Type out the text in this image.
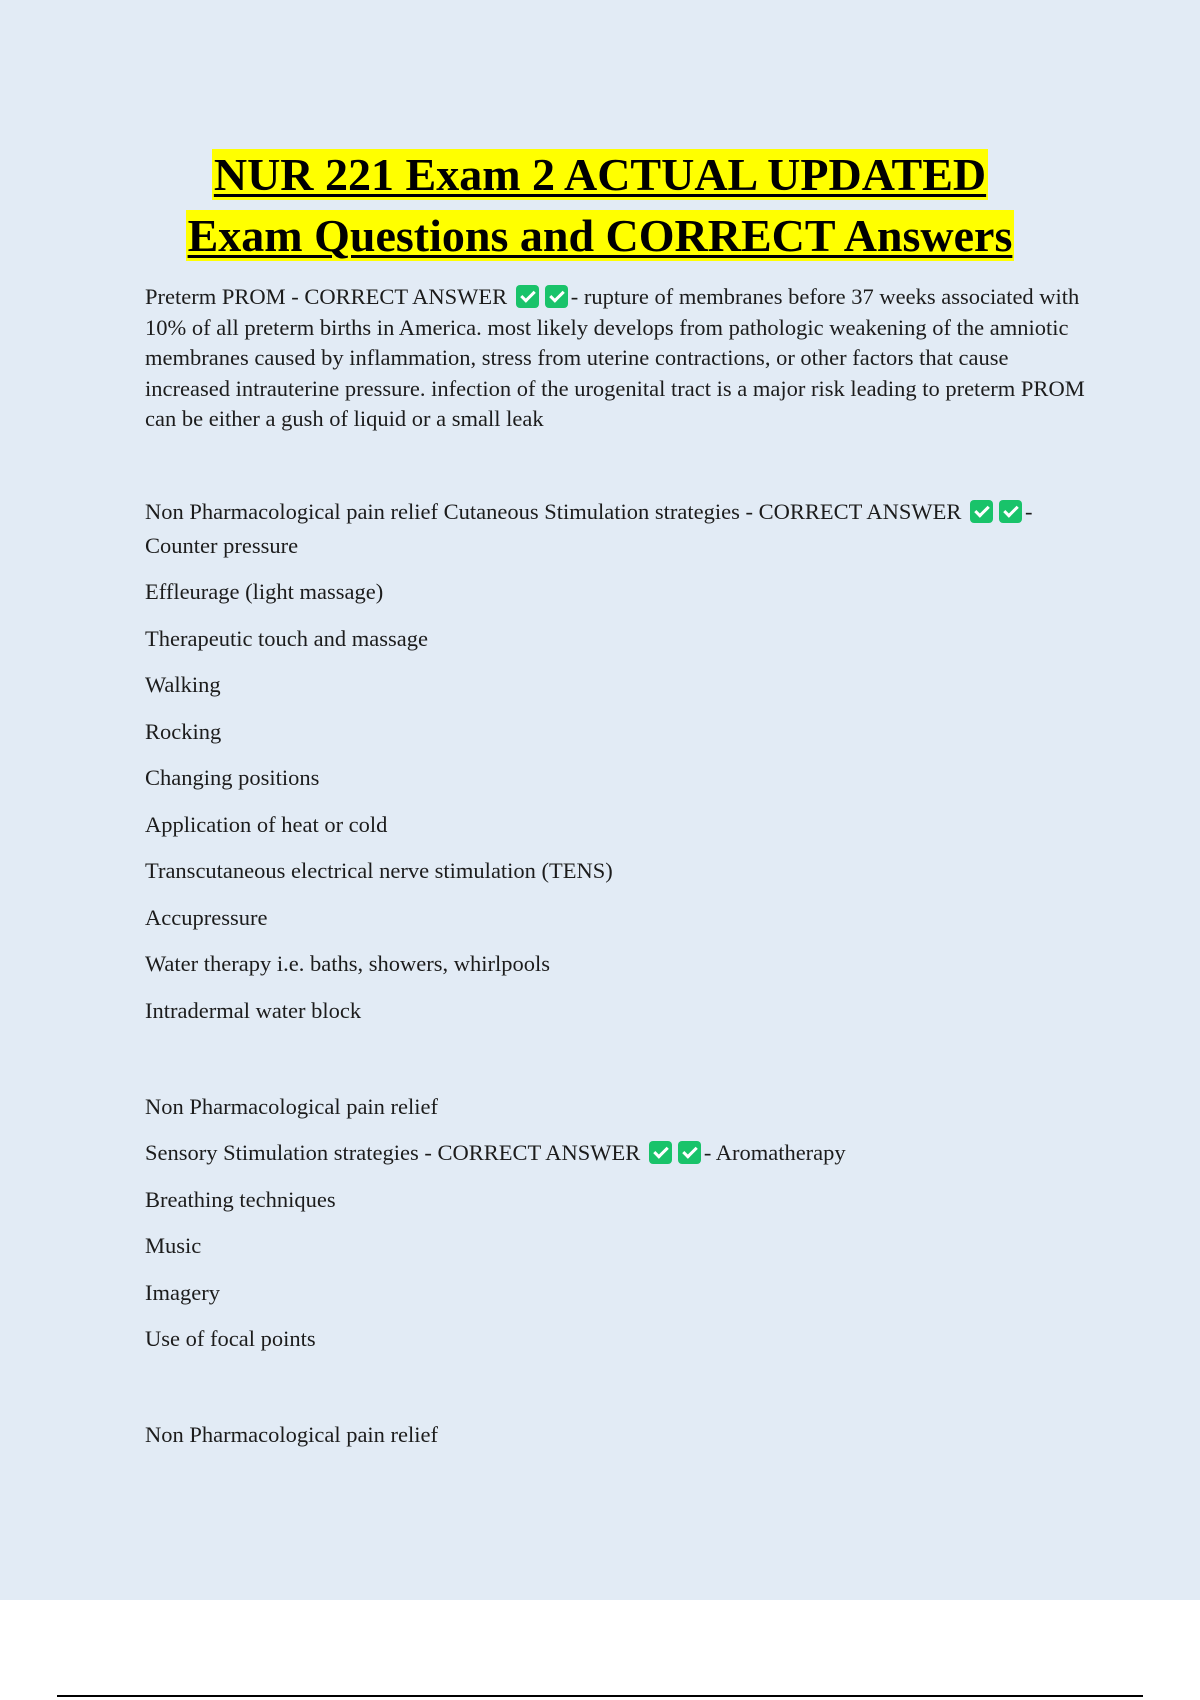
NUR 221 Exam 2 ACTUAL UPDATED
Exam Questions and CORRECT Answers

Preterm PROM - CORRECT ANSWER	- rupture of membranes before 37 weeks associated with 10% of all preterm births in America. most likely develops from pathologic weakening of the amniotic membranes caused by inflammation, stress from uterine contractions, or other factors that cause increased intrauterine pressure. infection of the urogenital tract is a major risk leading to preterm PROM can be either a gush of liquid or a small leak

Non Pharmacological pain relief Cutaneous Stimulation strategies - CORRECT ANSWER	- Counter pressure
Effleurage (light massage)
Therapeutic touch and massage
Walking
Rocking
Changing positions
Application of heat or cold
Transcutaneous electrical nerve stimulation (TENS)
Accupressure
Water therapy i.e. baths, showers, whirlpools
Intradermal water block
Non Pharmacological pain relief
Sensory Stimulation strategies - CORRECT ANSWER	- Aromatherapy
Breathing techniques
Music
Imagery
Use of focal points
Non Pharmacological pain relief
